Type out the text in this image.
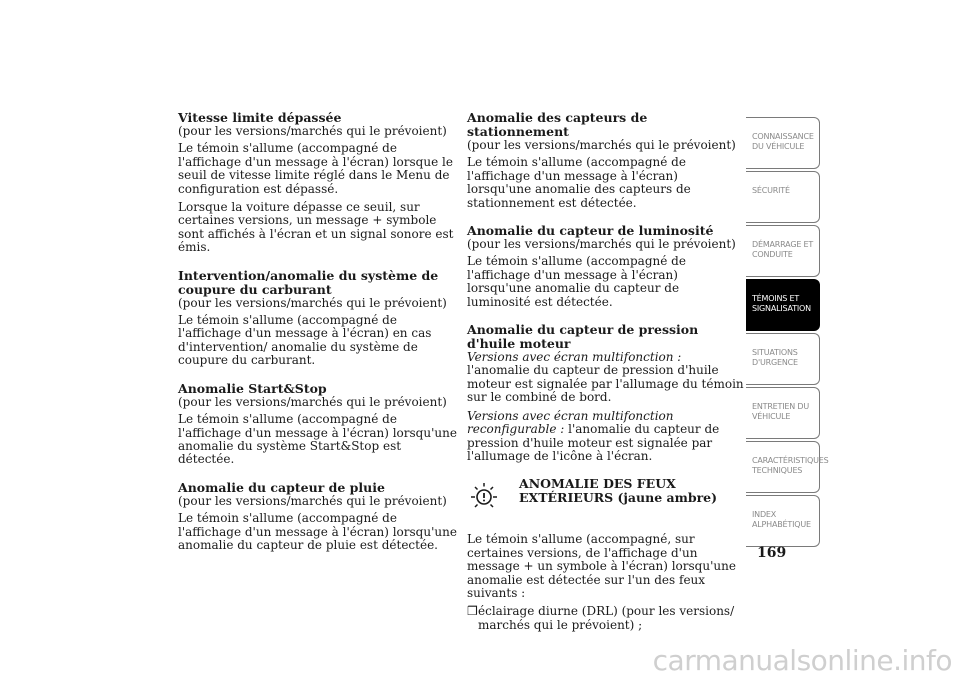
Vitesse limite dépassée

(pour les versions/marchés qui le prévoient)

Le témoin s'allume (accompagné de l'affichage d'un message à l'écran) lorsque le seuil de vitesse limite réglé dans le Menu de configuration est dépassé.

Lorsque la voiture dépasse ce seuil, sur certaines versions, un message + symbole sont affichés à l'écran et un signal sonore est émis.

Intervention/anomalie du système de coupure du carburant

(pour les versions/marchés qui le prévoient)

Le témoin s'allume (accompagné de l'affichage d'un message à l'écran) en cas d'intervention/ anomalie du système de coupure du carburant.

Anomalie Start&Stop

(pour les versions/marchés qui le prévoient)

Le témoin s'allume (accompagné de l'affichage d'un message à l'écran) lorsqu'une anomalie du système Start&Stop est détectée.

Anomalie du capteur de pluie

(pour les versions/marchés qui le prévoient)

Le témoin s'allume (accompagné de l'affichage d'un message à l'écran) lorsqu'une anomalie du capteur de pluie est détectée.

Anomalie des capteurs de stationnement

(pour les versions/marchés qui le prévoient)

Le témoin s'allume (accompagné de l'affichage d'un message à l'écran) lorsqu'une anomalie des capteurs de stationnement est détectée.

Anomalie du capteur de luminosité

(pour les versions/marchés qui le prévoient)

Le témoin s'allume (accompagné de l'affichage d'un message à l'écran) lorsqu'une anomalie du capteur de luminosité est détectée.

Anomalie du capteur de pression d'huile moteur

Versions avec écran multifonction : l'anomalie du capteur de pression d'huile moteur est signalée par l'allumage du témoin sur le combiné de bord.

Versions avec écran multifonction reconfigurable : l'anomalie du capteur de pression d'huile moteur est signalée par l'allumage de l'icône à l'écran.

ANOMALIE DES FEUX
EXTÉRIEURS (jaune ambre)

Le témoin s'allume (accompagné, sur certaines versions, de l'affichage d'un message + un symbole à l'écran) lorsqu'une anomalie est détectée sur l'un des feux suivants :

❒ éclairage diurne (DRL) (pour les versions/ marchés qui le prévoient) ;
CONNAISSANCE DU VÉHICULE
SÉCURITÉ
DÉMARRAGE ET CONDUITE
TÉMOINS ET SIGNALISATION
SITUATIONS D'URGENCE
ENTRETIEN DU VÉHICULE
CARACTÉRISTIQUES TECHNIQUES
INDEX ALPHABÉTIQUE
169
carmanualsonline.info
